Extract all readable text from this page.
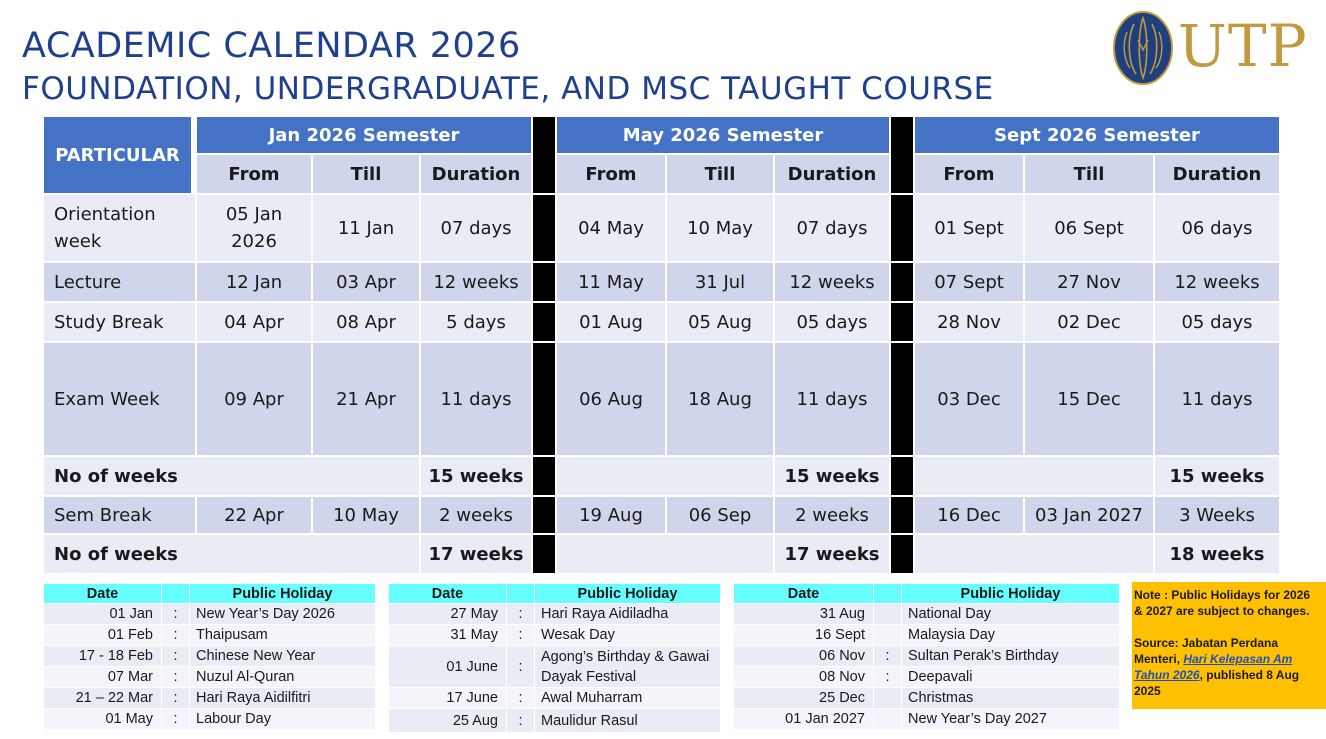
ACADEMIC CALENDAR 2026
FOUNDATION, UNDERGRADUATE, AND MSC TAUGHT COURSE
UTP
PARTICULAR	Jan 2026 Semester				May 2026 Semester				Sept 2026 Semester		
	From	Till	Duration		From	Till	Duration		From	Till	Duration
Orientation week	05 Jan 2026	11 Jan	07 days		04 May	10 May	07 days		01 Sept	06 Sept	06 days
Lecture	12 Jan	03 Apr	12 weeks		11 May	31 Jul	12 weeks		07 Sept	27 Nov	12 weeks
Study Break	04 Apr	08 Apr	5 days		01 Aug	05 Aug	05 days		28 Nov	02 Dec	05 days
Exam Week	09 Apr	21 Apr	11 days		06 Aug	18 Aug	11 days		03 Dec	15 Dec	11 days
No of weeks			15 weeks				15 weeks				15 weeks
Sem Break	22 Apr	10 May	2 weeks		19 Aug	06 Sep	2 weeks		16 Dec	03 Jan 2027	3 Weeks
No of weeks			17 weeks				17 weeks				18 weeks
Date		Public Holiday
01 Jan	:	New Year’s Day 2026
01 Feb	:	Thaipusam
17 - 18 Feb	:	Chinese New Year
07 Mar	:	Nuzul Al-Quran
21 – 22 Mar	:	Hari Raya Aidilfitri
01 May	:	Labour Day
Date		Public Holiday
27 May	:	Hari Raya Aidiladha
31 May	:	Wesak Day
01 June	:	Agong’s Birthday & Gawai Dayak Festival
17 June	:	Awal Muharram
25 Aug	:	Maulidur Rasul
Date		Public Holiday
31 Aug		National Day
16 Sept		Malaysia Day
06 Nov	:	Sultan Perak’s Birthday
08 Nov	:	Deepavali
25 Dec		Christmas
01 Jan 2027		New Year’s Day 2027

Note : Public Holidays for 2026 & 2027 are subject to changes.

Source: Jabatan Perdana Menteri, Hari Kelepasan Am Tahun 2026, published 8 Aug 2025
